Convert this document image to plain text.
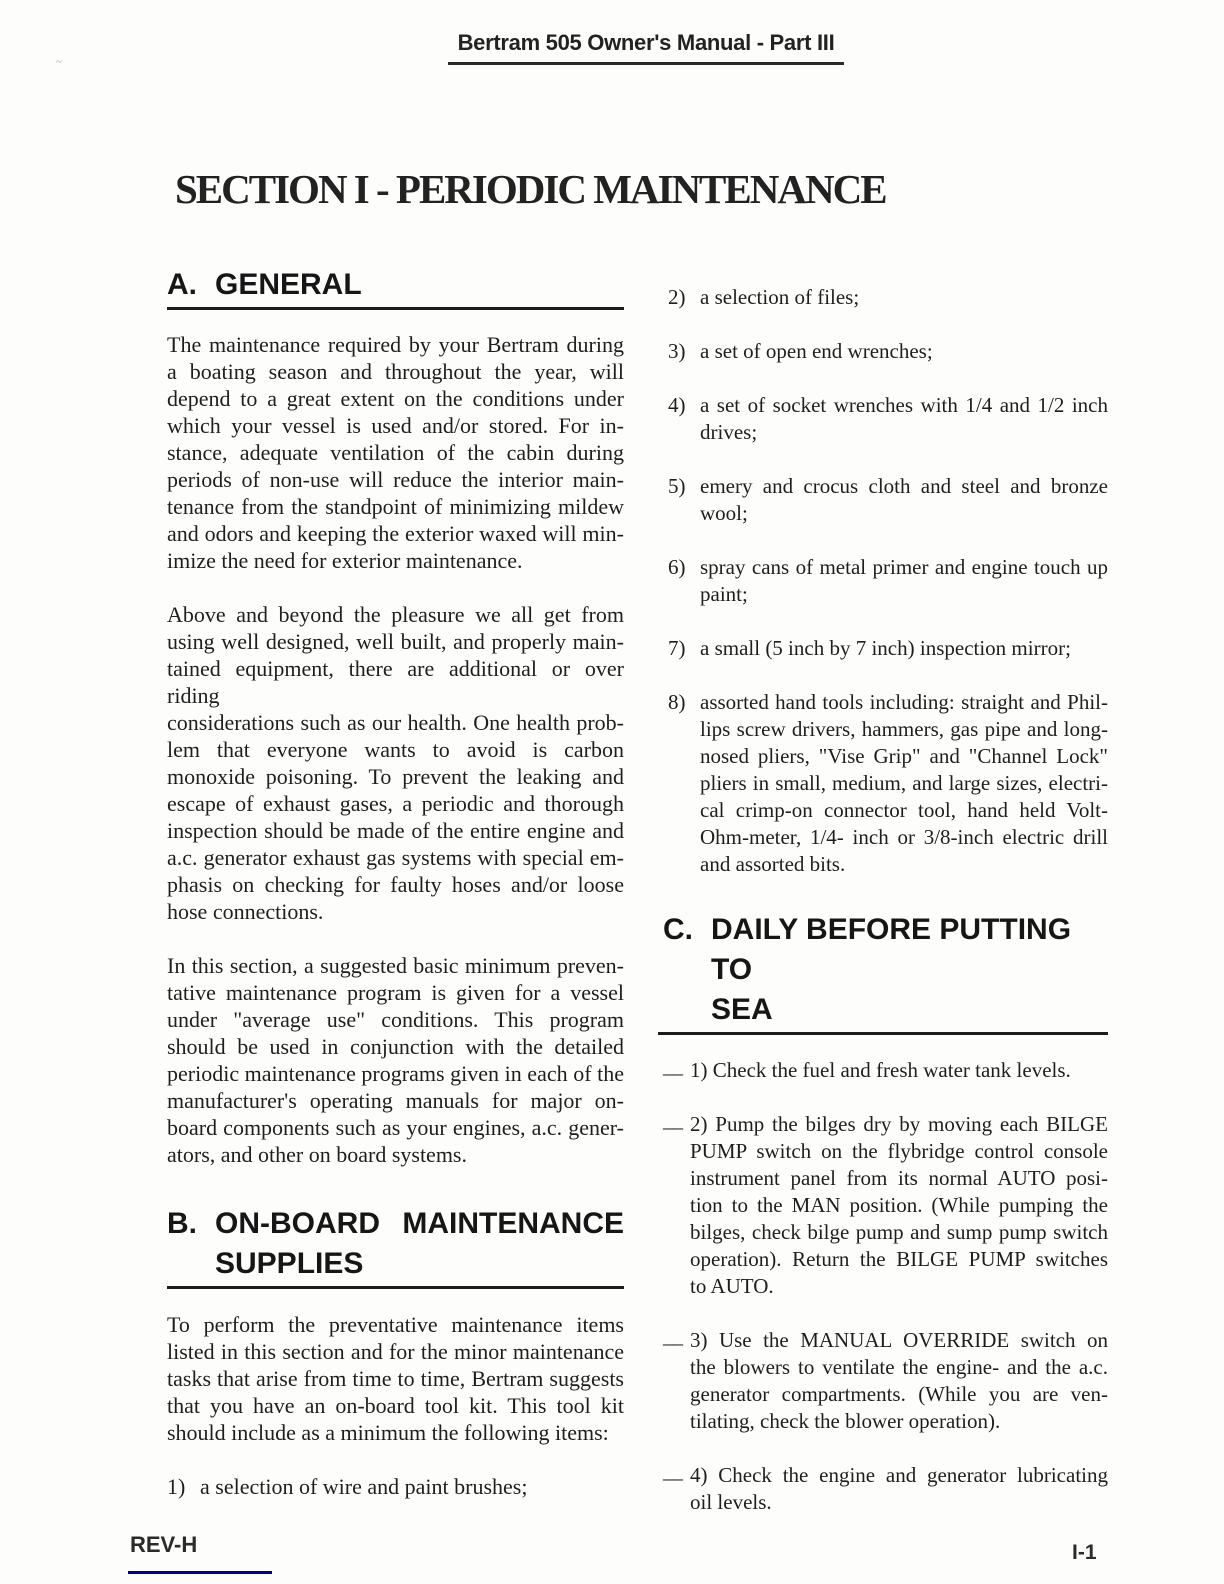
~
Bertram 505 Owner's Manual - Part III
SECTION I - PERIODIC MAINTENANCE
A. GENERAL
The maintenance required by your Bertram during
a boating season and throughout the year, will
depend to a great extent on the conditions under
which your vessel is used and/or stored. For in-
stance, adequate ventilation of the cabin during
periods of non-use will reduce the interior main-
tenance from the standpoint of minimizing mildew
and odors and keeping the exterior waxed will min-
imize the need for exterior maintenance.
Above and beyond the pleasure we all get from
using well designed, well built, and properly main-
tained equipment, there are additional or over riding
considerations such as our health. One health prob-
lem that everyone wants to avoid is carbon
monoxide poisoning. To prevent the leaking and
escape of exhaust gases, a periodic and thorough
inspection should be made of the entire engine and
a.c. generator exhaust gas systems with special em-
phasis on checking for faulty hoses and/or loose
hose connections.
In this section, a suggested basic minimum preven-
tative maintenance program is given for a vessel
under "average use" conditions. This program
should be used in conjunction with the detailed
periodic maintenance programs given in each of the
manufacturer's operating manuals for major on-
board components such as your engines, a.c. gener-
ators, and other on board systems.
B. ON-BOARD MAINTENANCE
SUPPLIES
To perform the preventative maintenance items
listed in this section and for the minor maintenance
tasks that arise from time to time, Bertram suggests
that you have an on-board tool kit. This tool kit
should include as a minimum the following items:
1) a selection of wire and paint brushes;
2) a selection of files;
3) a set of open end wrenches;
4) a set of socket wrenches with 1/4 and 1/2 inch
drives;
5) emery and crocus cloth and steel and bronze
wool;
6) spray cans of metal primer and engine touch up
paint;
7) a small (5 inch by 7 inch) inspection mirror;
8) assorted hand tools including: straight and Phil-
lips screw drivers, hammers, gas pipe and long-
nosed pliers, "Vise Grip" and "Channel Lock"
pliers in small, medium, and large sizes, electri-
cal crimp-on connector tool, hand held Volt-
Ohm-meter, 1/4- inch or 3/8-inch electric drill
and assorted bits.
C. DAILY BEFORE PUTTING TO
SEA
__ 1) Check the fuel and fresh water tank levels.
__ 2) Pump the bilges dry by moving each BILGE
PUMP switch on the flybridge control console
instrument panel from its normal AUTO posi-
tion to the MAN position. (While pumping the
bilges, check bilge pump and sump pump switch
operation). Return the BILGE PUMP switches
to AUTO.
__ 3) Use the MANUAL OVERRIDE switch on
the blowers to ventilate the engine- and the a.c.
generator compartments. (While you are ven-
tilating, check the blower operation).
__ 4) Check the engine and generator lubricating
oil levels.
REV-H	I-1
